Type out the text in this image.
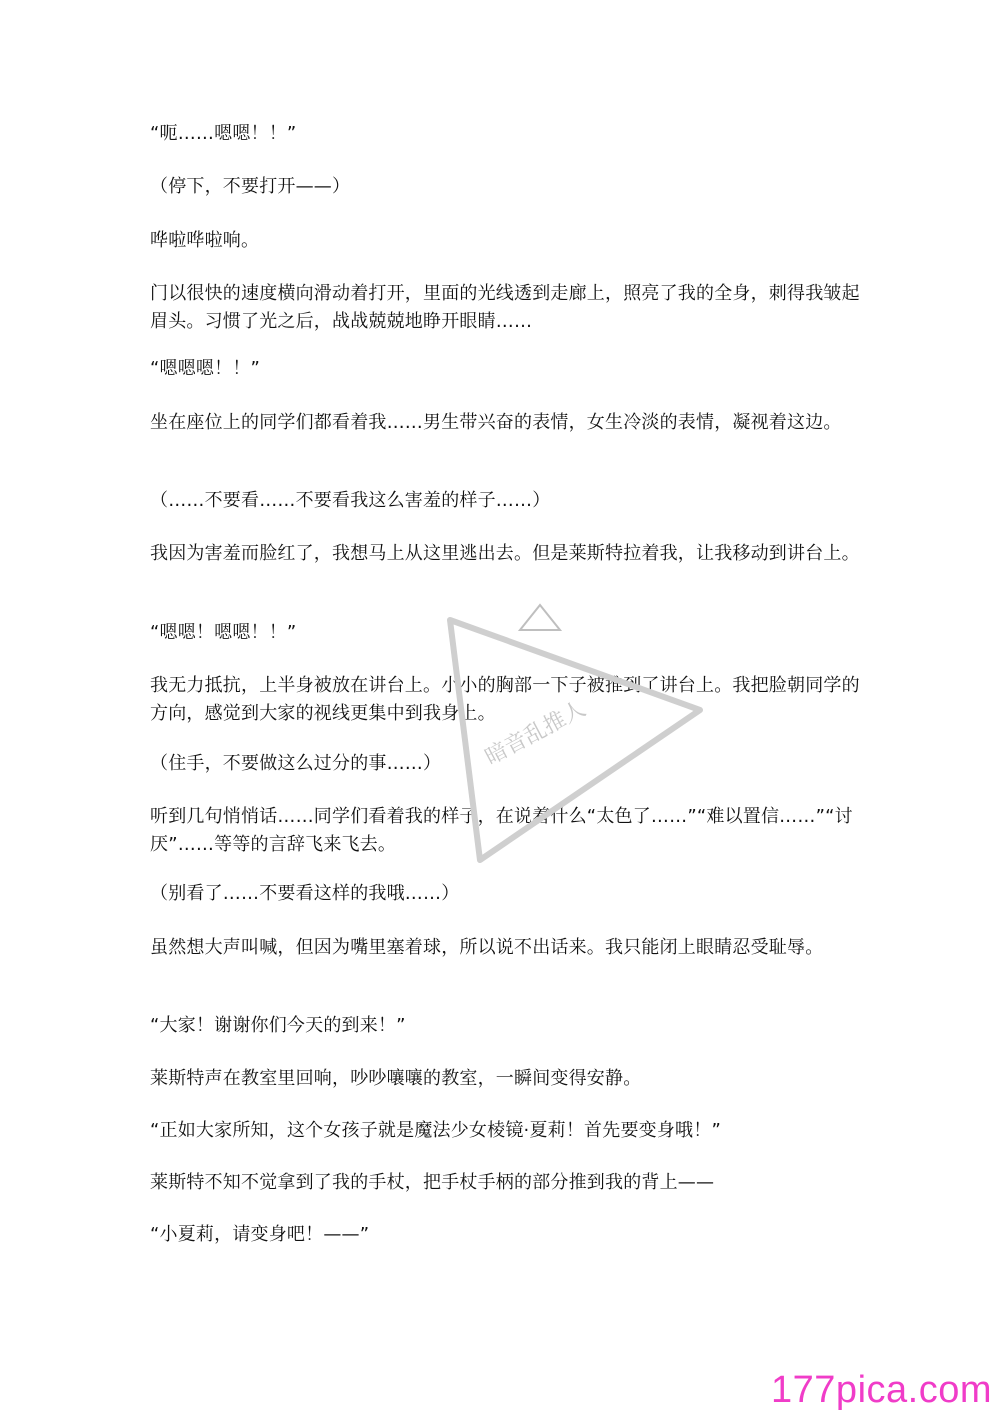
“呃……嗯嗯！！”

（停下，不要打开——）

哗啦哗啦响。

门以很快的速度横向滑动着打开，里面的光线透到走廊上，照亮了我的全身，刺得我皱起眉头。习惯了光之后，战战兢兢地睁开眼睛……

“嗯嗯嗯！！”

坐在座位上的同学们都看着我……男生带兴奋的表情，女生冷淡的表情，凝视着这边。

（……不要看……不要看我这么害羞的样子……）

我因为害羞而脸红了，我想马上从这里逃出去。但是莱斯特拉着我，让我移动到讲台上。

“嗯嗯！嗯嗯！！”

我无力抵抗，上半身被放在讲台上。小小的胸部一下子被推到了讲台上。我把脸朝同学的方向，感觉到大家的视线更集中到我身上。

（住手，不要做这么过分的事……）

听到几句悄悄话……同学们看着我的样子，在说着什么“太色了……”“难以置信……”“讨厌”……等等的言辞飞来飞去。

（别看了……不要看这样的我哦……）

虽然想大声叫喊，但因为嘴里塞着球，所以说不出话来。我只能闭上眼睛忍受耻辱。

“大家！谢谢你们今天的到来！”

莱斯特声在教室里回响，吵吵嚷嚷的教室，一瞬间变得安静。

“正如大家所知，这个女孩子就是魔法少女棱镜·夏莉！首先要变身哦！”

莱斯特不知不觉拿到了我的手杖，把手杖手柄的部分推到我的背上——

“小夏莉，请变身吧！——”

暗音乱推人
177pica.com
